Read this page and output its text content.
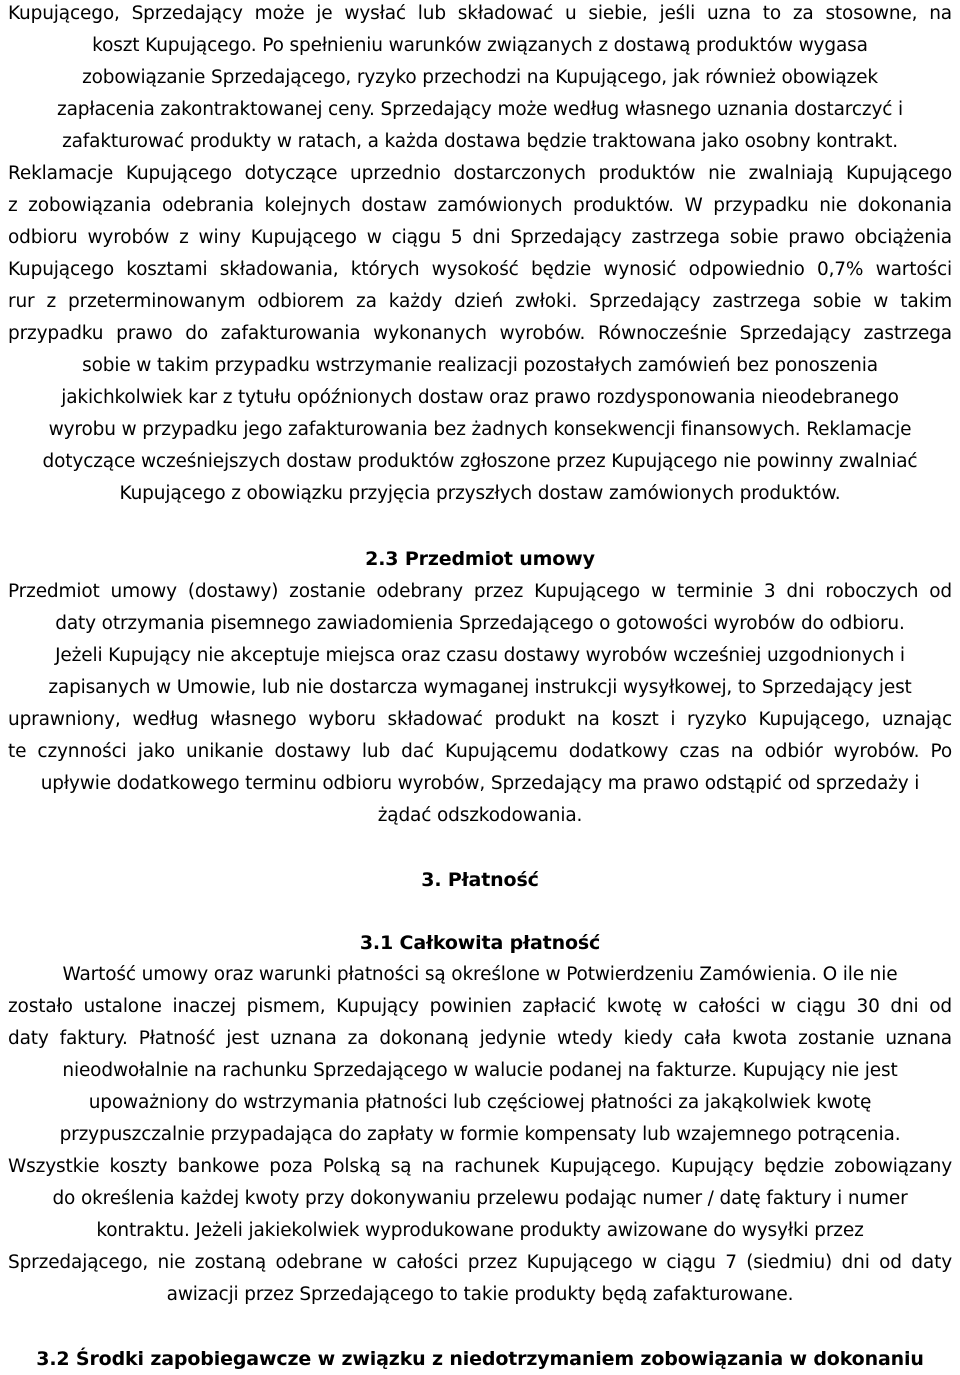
Kupującego, Sprzedający może je wysłać lub składować u siebie, jeśli uzna to za stosowne, na
koszt Kupującego. Po spełnieniu warunków związanych z dostawą produktów wygasa
zobowiązanie Sprzedającego, ryzyko przechodzi na Kupującego, jak również obowiązek
zapłacenia zakontraktowanej ceny. Sprzedający może według własnego uznania dostarczyć i
zafakturować produkty w ratach, a każda dostawa będzie traktowana jako osobny kontrakt.
Reklamacje Kupującego dotyczące uprzednio dostarczonych produktów nie zwalniają Kupującego
z zobowiązania odebrania kolejnych dostaw zamówionych produktów. W przypadku nie dokonania
odbioru wyrobów z winy Kupującego w ciągu 5 dni Sprzedający zastrzega sobie prawo obciążenia
Kupującego kosztami składowania, których wysokość będzie wynosić odpowiednio 0,7% wartości
rur z przeterminowanym odbiorem za każdy dzień zwłoki. Sprzedający zastrzega sobie w takim
przypadku prawo do zafakturowania wykonanych wyrobów. Równocześnie Sprzedający zastrzega
sobie w takim przypadku wstrzymanie realizacji pozostałych zamówień bez ponoszenia
jakichkolwiek kar z tytułu opóźnionych dostaw oraz prawo rozdysponowania nieodebranego
wyrobu w przypadku jego zafakturowania bez żadnych konsekwencji finansowych. Reklamacje
dotyczące wcześniejszych dostaw produktów zgłoszone przez Kupującego nie powinny zwalniać
Kupującego z obowiązku przyjęcia przyszłych dostaw zamówionych produktów.
2.3 Przedmiot umowy
Przedmiot umowy (dostawy) zostanie odebrany przez Kupującego w terminie 3 dni roboczych od
daty otrzymania pisemnego zawiadomienia Sprzedającego o gotowości wyrobów do odbioru.
Jeżeli Kupujący nie akceptuje miejsca oraz czasu dostawy wyrobów wcześniej uzgodnionych i
zapisanych w Umowie, lub nie dostarcza wymaganej instrukcji wysyłkowej, to Sprzedający jest
uprawniony, według własnego wyboru składować produkt na koszt i ryzyko Kupującego, uznając
te czynności jako unikanie dostawy lub dać Kupującemu dodatkowy czas na odbiór wyrobów. Po
upływie dodatkowego terminu odbioru wyrobów, Sprzedający ma prawo odstąpić od sprzedaży i
żądać odszkodowania.
3. Płatność
3.1 Całkowita płatność
Wartość umowy oraz warunki płatności są określone w Potwierdzeniu Zamówienia. O ile nie
zostało ustalone inaczej pismem, Kupujący powinien zapłacić kwotę w całości w ciągu 30 dni od
daty faktury. Płatność jest uznana za dokonaną jedynie wtedy kiedy cała kwota zostanie uznana
nieodwołalnie na rachunku Sprzedającego w walucie podanej na fakturze. Kupujący nie jest
upoważniony do wstrzymania płatności lub częściowej płatności za jakąkolwiek kwotę
przypuszczalnie przypadająca do zapłaty w formie kompensaty lub wzajemnego potrącenia.
Wszystkie koszty bankowe poza Polską są na rachunek Kupującego. Kupujący będzie zobowiązany
do określenia każdej kwoty przy dokonywaniu przelewu podając numer / datę faktury i numer
kontraktu. Jeżeli jakiekolwiek wyprodukowane produkty awizowane do wysyłki przez
Sprzedającego, nie zostaną odebrane w całości przez Kupującego w ciągu 7 (siedmiu) dni od daty
awizacji przez Sprzedającego to takie produkty będą zafakturowane.
3.2 Środki zapobiegawcze w związku z niedotrzymaniem zobowiązania w dokonaniu
